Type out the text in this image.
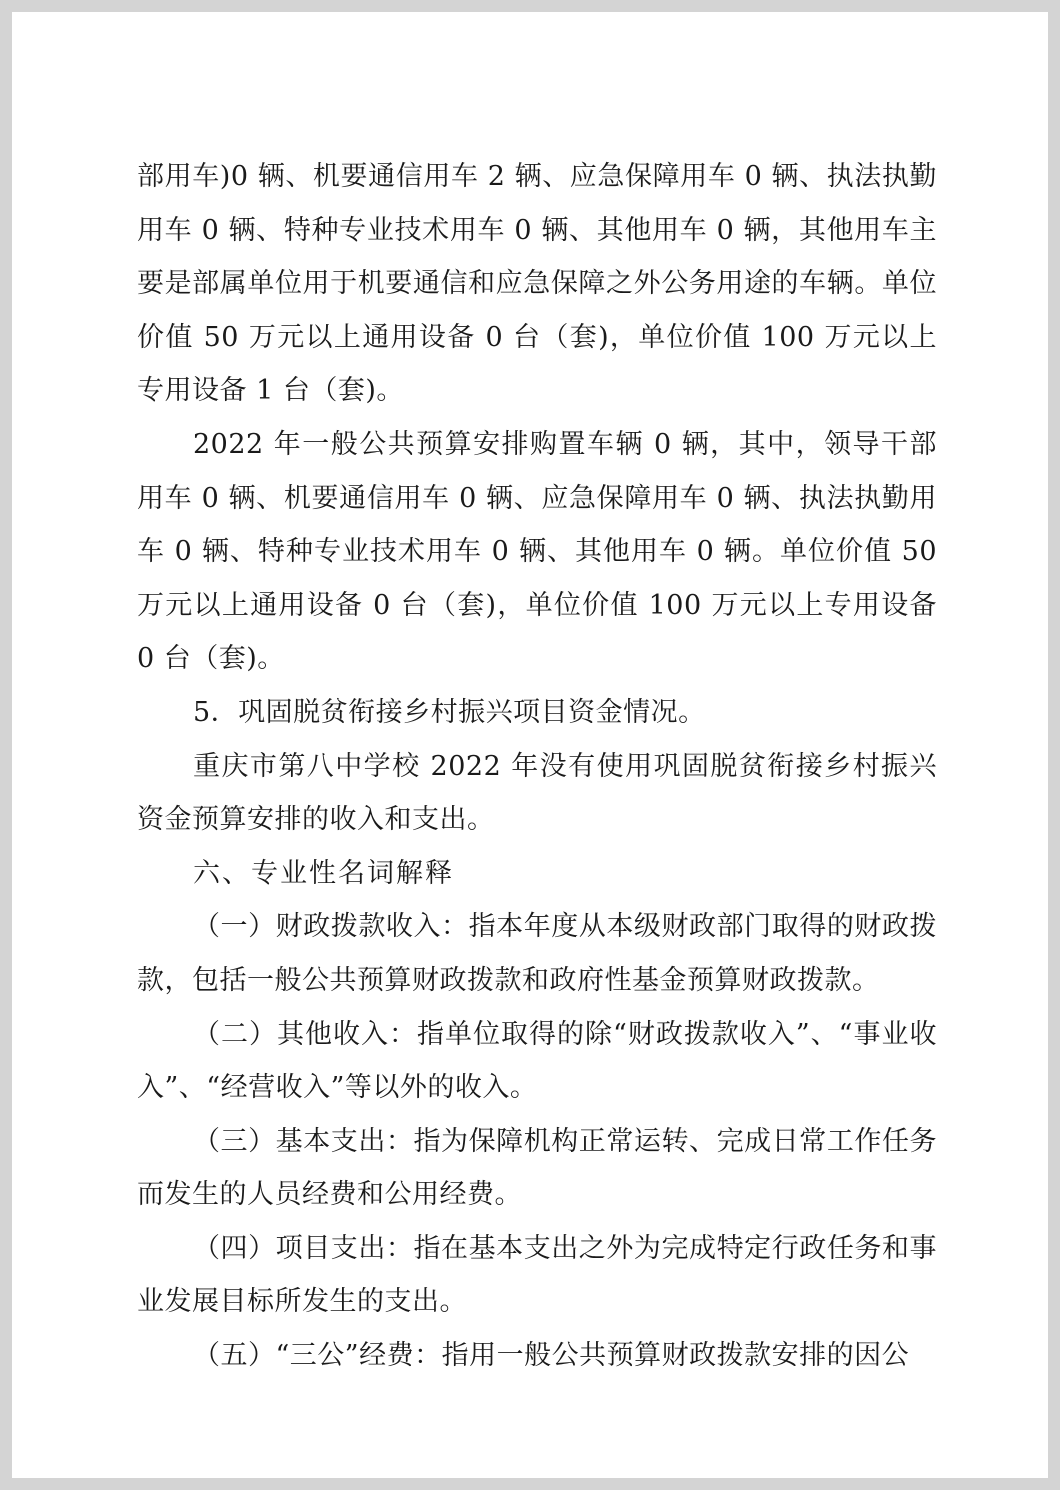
部用车)0 辆、机要通信用车 2 辆、应急保障用车 0 辆、执法执勤用车 0 辆、特种专业技术用车 0 辆、其他用车 0 辆，其他用车主要是部属单位用于机要通信和应急保障之外公务用途的车辆。单位价值 50 万元以上通用设备 0 台（套)，单位价值 100 万元以上专用设备 1 台（套)。

2022 年一般公共预算安排购置车辆 0 辆，其中，领导干部用车 0 辆、机要通信用车 0 辆、应急保障用车 0 辆、执法执勤用车 0 辆、特种专业技术用车 0 辆、其他用车 0 辆。单位价值 50 万元以上通用设备 0 台（套)，单位价值 100 万元以上专用设备 0 台（套)。

5．巩固脱贫衔接乡村振兴项目资金情况。

重庆市第八中学校 2022 年没有使用巩固脱贫衔接乡村振兴资金预算安排的收入和支出。

六、专业性名词解释

（一）财政拨款收入：指本年度从本级财政部门取得的财政拨款，包括一般公共预算财政拨款和政府性基金预算财政拨款。

（二）其他收入：指单位取得的除“财政拨款收入”、“事业收入”、“经营收入”等以外的收入。

（三）基本支出：指为保障机构正常运转、完成日常工作任务而发生的人员经费和公用经费。

（四）项目支出：指在基本支出之外为完成特定行政任务和事业发展目标所发生的支出。

（五）“三公”经费：指用一般公共预算财政拨款安排的因公
